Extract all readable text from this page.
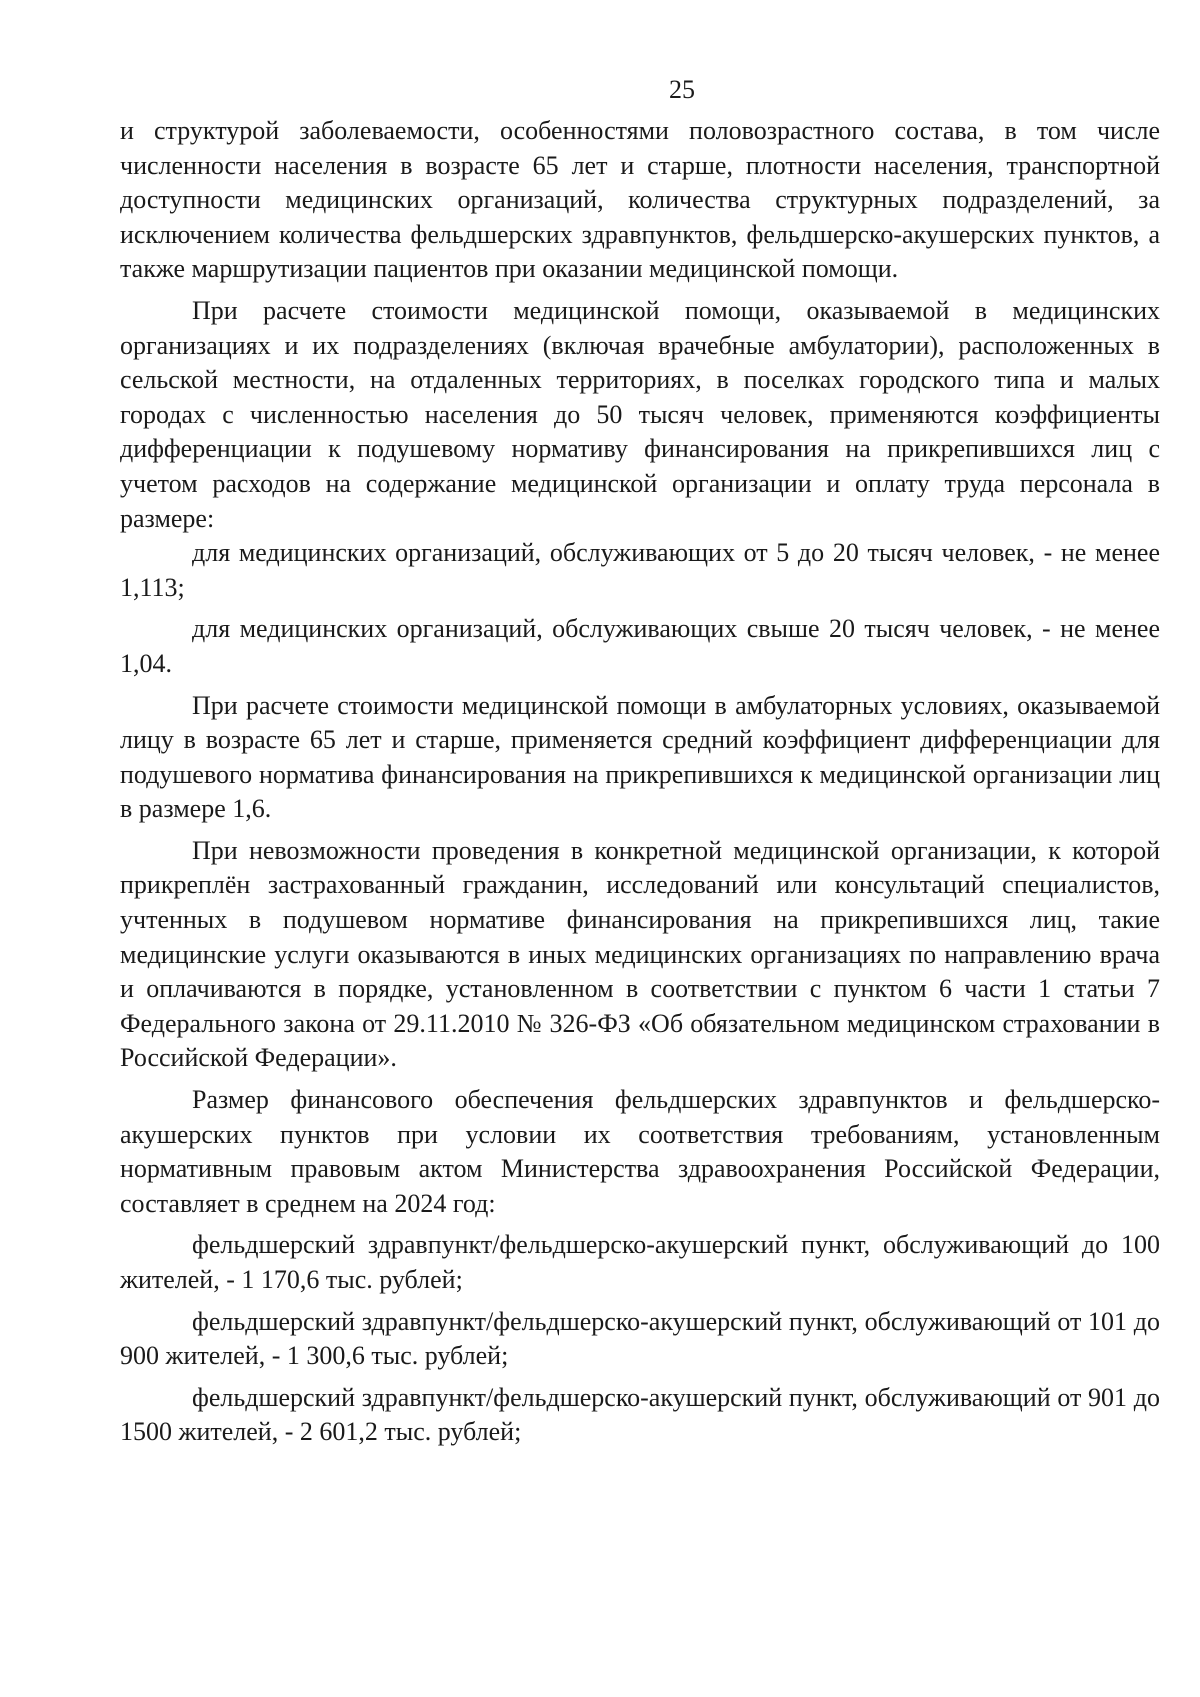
25

и структурой заболеваемости, особенностями половозрастного состава, в том числе численности населения в возрасте 65 лет и старше, плотности населения, транспортной доступности медицинских организаций, количества структурных подразделений, за исключением количества фельдшерских здравпунктов, фельдшерско-акушерских пунктов, а также маршрутизации пациентов при оказании медицинской помощи.

При расчете стоимости медицинской помощи, оказываемой в медицинских организациях и их подразделениях (включая врачебные амбулатории), расположенных в сельской местности, на отдаленных территориях, в поселках городского типа и малых городах с численностью населения до 50 тысяч человек, применяются коэффициенты дифференциации к подушевому нормативу финансирования на прикрепившихся лиц с учетом расходов на содержание медицинской организации и оплату труда персонала в размере:

для медицинских организаций, обслуживающих от 5 до 20 тысяч человек, - не менее 1,113;

для медицинских организаций, обслуживающих свыше 20 тысяч человек, - не менее 1,04.

При расчете стоимости медицинской помощи в амбулаторных условиях, оказываемой лицу в возрасте 65 лет и старше, применяется средний коэффициент дифференциации для подушевого норматива финансирования на прикрепившихся к медицинской организации лиц в размере 1,6.

При невозможности проведения в конкретной медицинской организации, к которой прикреплён застрахованный гражданин, исследований или консультаций специалистов, учтенных в подушевом нормативе финансирования на прикрепившихся лиц, такие медицинские услуги оказываются в иных медицинских организациях по направлению врача и оплачиваются в порядке, установленном в соответствии с пунктом 6 части 1 статьи 7 Федерального закона от 29.11.2010 № 326-ФЗ «Об обязательном медицинском страховании в Российской Федерации».

Размер финансового обеспечения фельдшерских здравпунктов и фельдшерско-акушерских пунктов при условии их соответствия требованиям, установленным нормативным правовым актом Министерства здравоохранения Российской Федерации, составляет в среднем на 2024 год:

фельдшерский здравпункт/фельдшерско-акушерский пункт, обслуживающий до 100 жителей, - 1 170,6 тыс. рублей;

фельдшерский здравпункт/фельдшерско-акушерский пункт, обслуживающий от 101 до 900 жителей, - 1 300,6 тыс. рублей;

фельдшерский здравпункт/фельдшерско-акушерский пункт, обслуживающий от 901 до 1500 жителей, - 2 601,2 тыс. рублей;
